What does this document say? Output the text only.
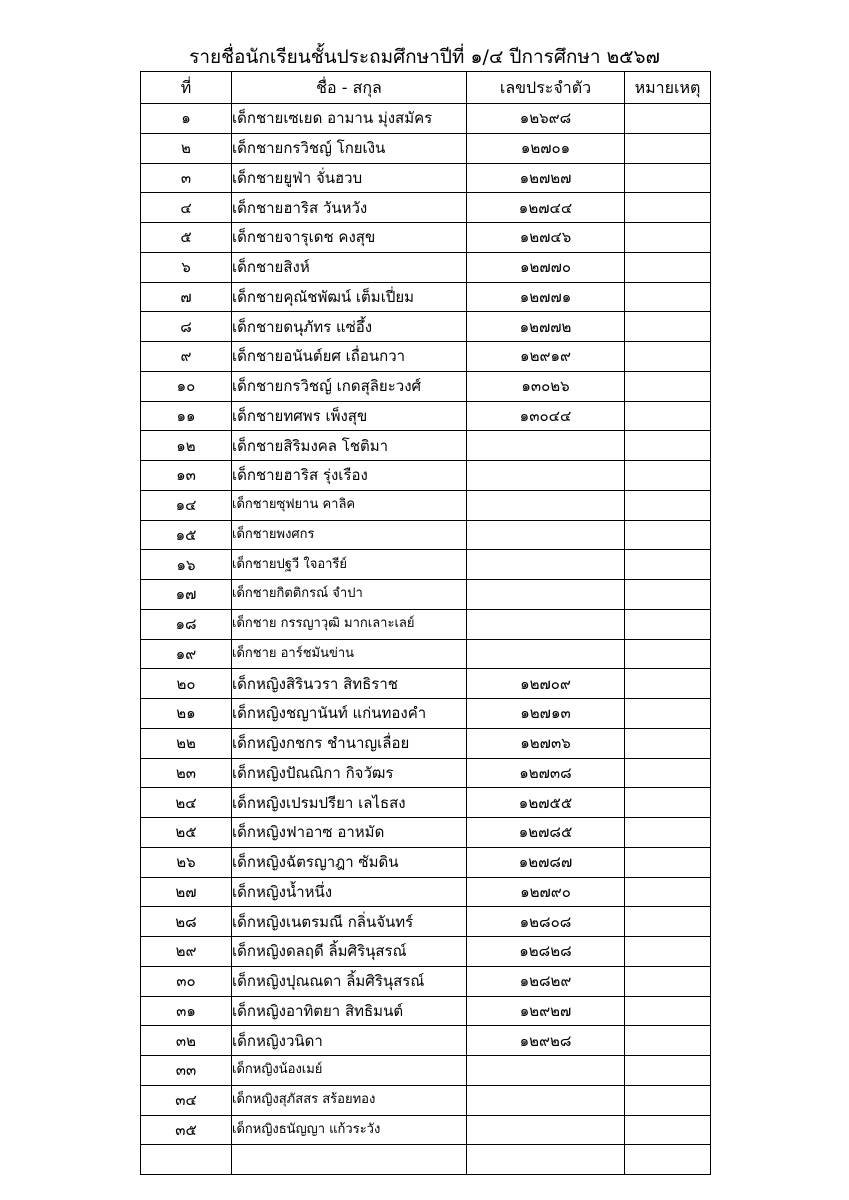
รายชื่อนักเรียนชั้นประถมศึกษาปีที่ ๑/๔ ปีการศึกษา ๒๕๖๗
ที่	ชื่อ - สกุล	เลขประจำตัว	หมายเหตุ
๑	เด็กชายเซเยด อามาน มุ่งสมัคร	๑๒๖๙๘	
๒	เด็กชายกรวิชญ์ โกยเงิน	๑๒๗๐๑	
๓	เด็กชายยูฟ่า จั่นฮวบ	๑๒๗๒๗	
๔	เด็กชายฮาริส วันหวัง	๑๒๗๔๔	
๕	เด็กชายจารุเดช คงสุข	๑๒๗๔๖	
๖	เด็กชายสิงห์	๑๒๗๗๐	
๗	เด็กชายคุณัชพัฒน์ เต็มเปี่ยม	๑๒๗๗๑	
๘	เด็กชายดนุภัทร แซ่อึ้ง	๑๒๗๗๒	
๙	เด็กชายอนันต์ยศ เถื่อนกวา	๑๒๙๑๙	
๑๐	เด็กชายกรวิชญ์ เกดสุลิยะวงศ์	๑๓๐๒๖	
๑๑	เด็กชายทศพร เพ็งสุข	๑๓๐๔๔	
๑๒	เด็กชายสิริมงคล โชติมา		
๑๓	เด็กชายฮาริส รุ่งเรือง		
๑๔	เด็กชายซุฟยาน คาลิค		
๑๕	เด็กชายพงศกร		
๑๖	เด็กชายปฐวี ใจอารีย์		
๑๗	เด็กชายกิตติกรณ์ จำปา		
๑๘	เด็กชาย กรรญาวุฒิ มากเลาะเลย์		
๑๙	เด็กชาย อาร์ชมันข่าน		
๒๐	เด็กหญิงสิรินวรา สิทธิราช	๑๒๗๐๙	
๒๑	เด็กหญิงชญานันท์ แก่นทองคำ	๑๒๗๑๓	
๒๒	เด็กหญิงกชกร ชำนาญเลื่อย	๑๒๗๓๖	
๒๓	เด็กหญิงปัณณิกา กิจวัฒร	๑๒๗๓๘	
๒๔	เด็กหญิงเปรมปรียา เลไธสง	๑๒๗๕๕	
๒๕	เด็กหญิงฟาอาซ อาหมัด	๑๒๗๘๕	
๒๖	เด็กหญิงฉัตรญาฎา ซัมดิน	๑๒๗๘๗	
๒๗	เด็กหญิงน้ำหนึ่ง	๑๒๗๙๐	
๒๘	เด็กหญิงเนตรมณี กลิ่นจันทร์	๑๒๘๐๘	
๒๙	เด็กหญิงดลฤดี ลิ้มศิรินุสรณ์	๑๒๘๒๘	
๓๐	เด็กหญิงปุณณดา ลิ้มศิรินุสรณ์	๑๒๘๒๙	
๓๑	เด็กหญิงอาทิตยา สิทธิมนต์	๑๒๙๒๗	
๓๒	เด็กหญิงวนิดา	๑๒๙๒๘	
๓๓	เด็กหญิงน้องเมย์		
๓๔	เด็กหญิงสุภัสสร สร้อยทอง		
๓๕	เด็กหญิงธนัญญา แก้วระวัง		
